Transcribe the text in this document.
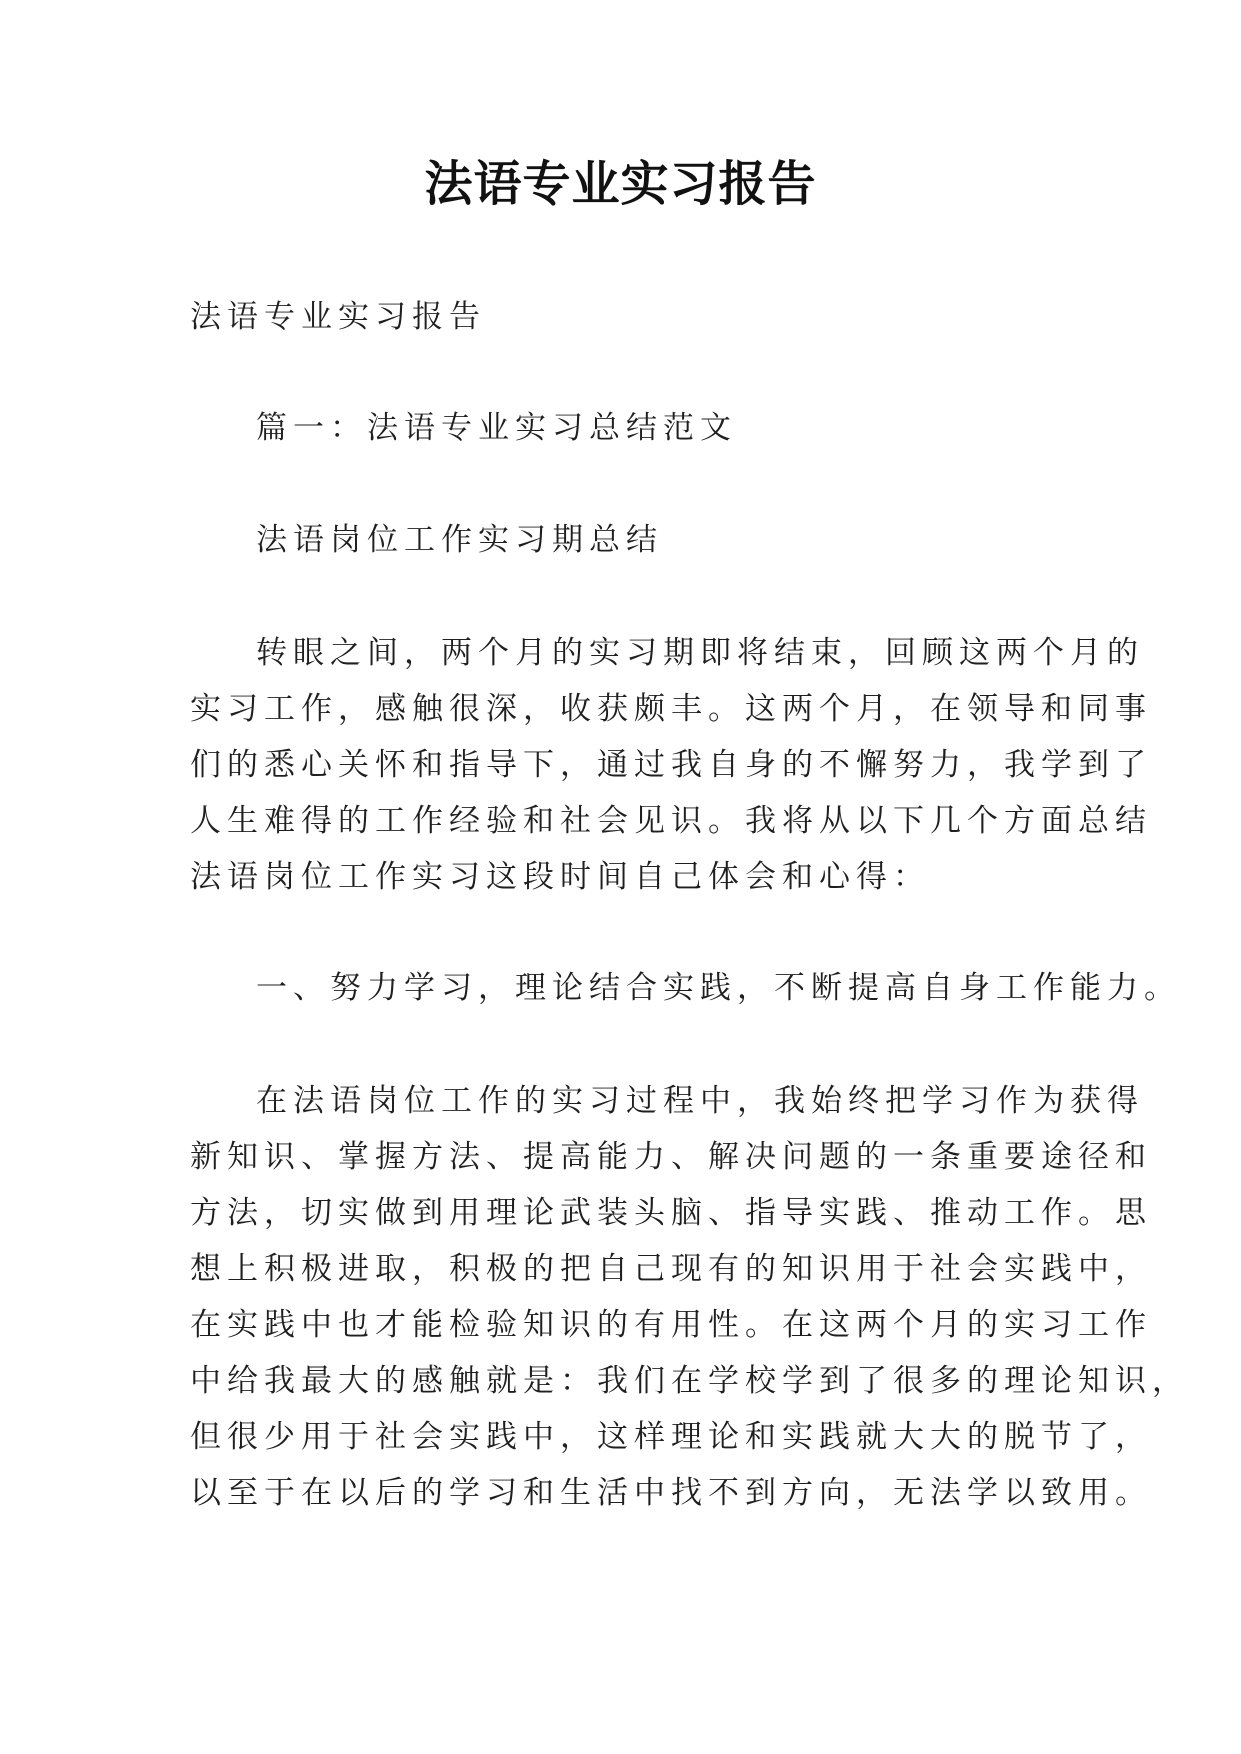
法语专业实习报告
法语专业实习报告
篇一：法语专业实习总结范文
法语岗位工作实习期总结
转眼之间，两个月的实习期即将结束，回顾这两个月的
实习工作，感触很深，收获颇丰。这两个月，在领导和同事
们的悉心关怀和指导下，通过我自身的不懈努力，我学到了
人生难得的工作经验和社会见识。我将从以下几个方面总结
法语岗位工作实习这段时间自己体会和心得：
一、努力学习，理论结合实践，不断提高自身工作能力。
在法语岗位工作的实习过程中，我始终把学习作为获得
新知识、掌握方法、提高能力、解决问题的一条重要途径和
方法，切实做到用理论武装头脑、指导实践、推动工作。思
想上积极进取，积极的把自己现有的知识用于社会实践中，
在实践中也才能检验知识的有用性。在这两个月的实习工作
中给我最大的感触就是：我们在学校学到了很多的理论知识，
但很少用于社会实践中，这样理论和实践就大大的脱节了，
以至于在以后的学习和生活中找不到方向，无法学以致用。
